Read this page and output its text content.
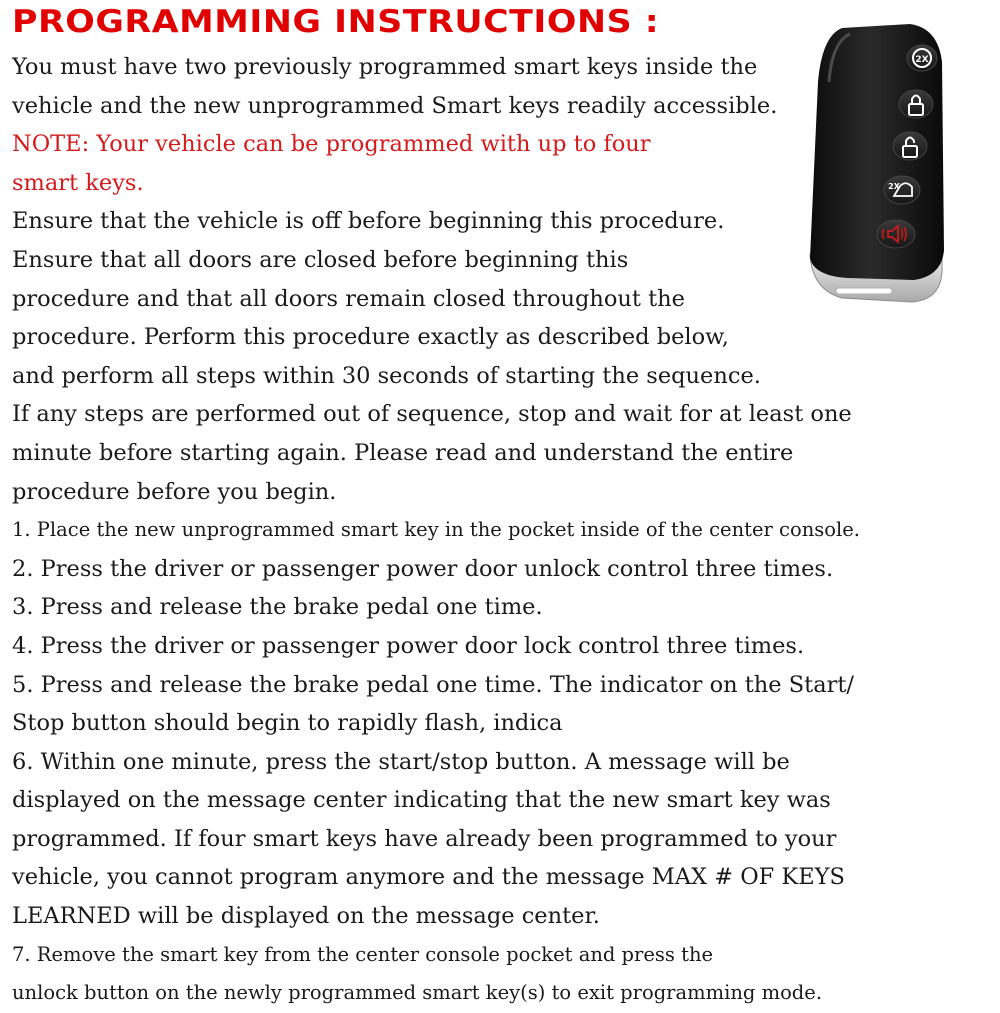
PROGRAMMING INSTRUCTIONS :
You must have two previously programmed smart keys inside the
vehicle and the new unprogrammed Smart keys readily accessible.
NOTE: Your vehicle can be programmed with up to four
smart keys.
Ensure that the vehicle is off before beginning this procedure.
Ensure that all doors are closed before beginning this
procedure and that all doors remain closed throughout the
procedure. Perform this procedure exactly as described below,
and perform all steps within 30 seconds of starting the sequence.
If any steps are performed out of sequence, stop and wait for at least one
minute before starting again. Please read and understand the entire
procedure before you begin.
1. Place the new unprogrammed smart key in the pocket inside of the center console.
2. Press the driver or passenger power door unlock control three times.
3. Press and release the brake pedal one time.
4. Press the driver or passenger power door lock control three times.
5. Press and release the brake pedal one time. The indicator on the Start/
Stop button should begin to rapidly flash, indica
6. Within one minute, press the start/stop button. A message will be
displayed on the message center indicating that the new smart key was
programmed. If four smart keys have already been programmed to your
vehicle, you cannot program anymore and the message MAX # OF KEYS
LEARNED will be displayed on the message center.
7. Remove the smart key from the center console pocket and press the
unlock button on the newly programmed smart key(s) to exit programming mode.
2X
2X
